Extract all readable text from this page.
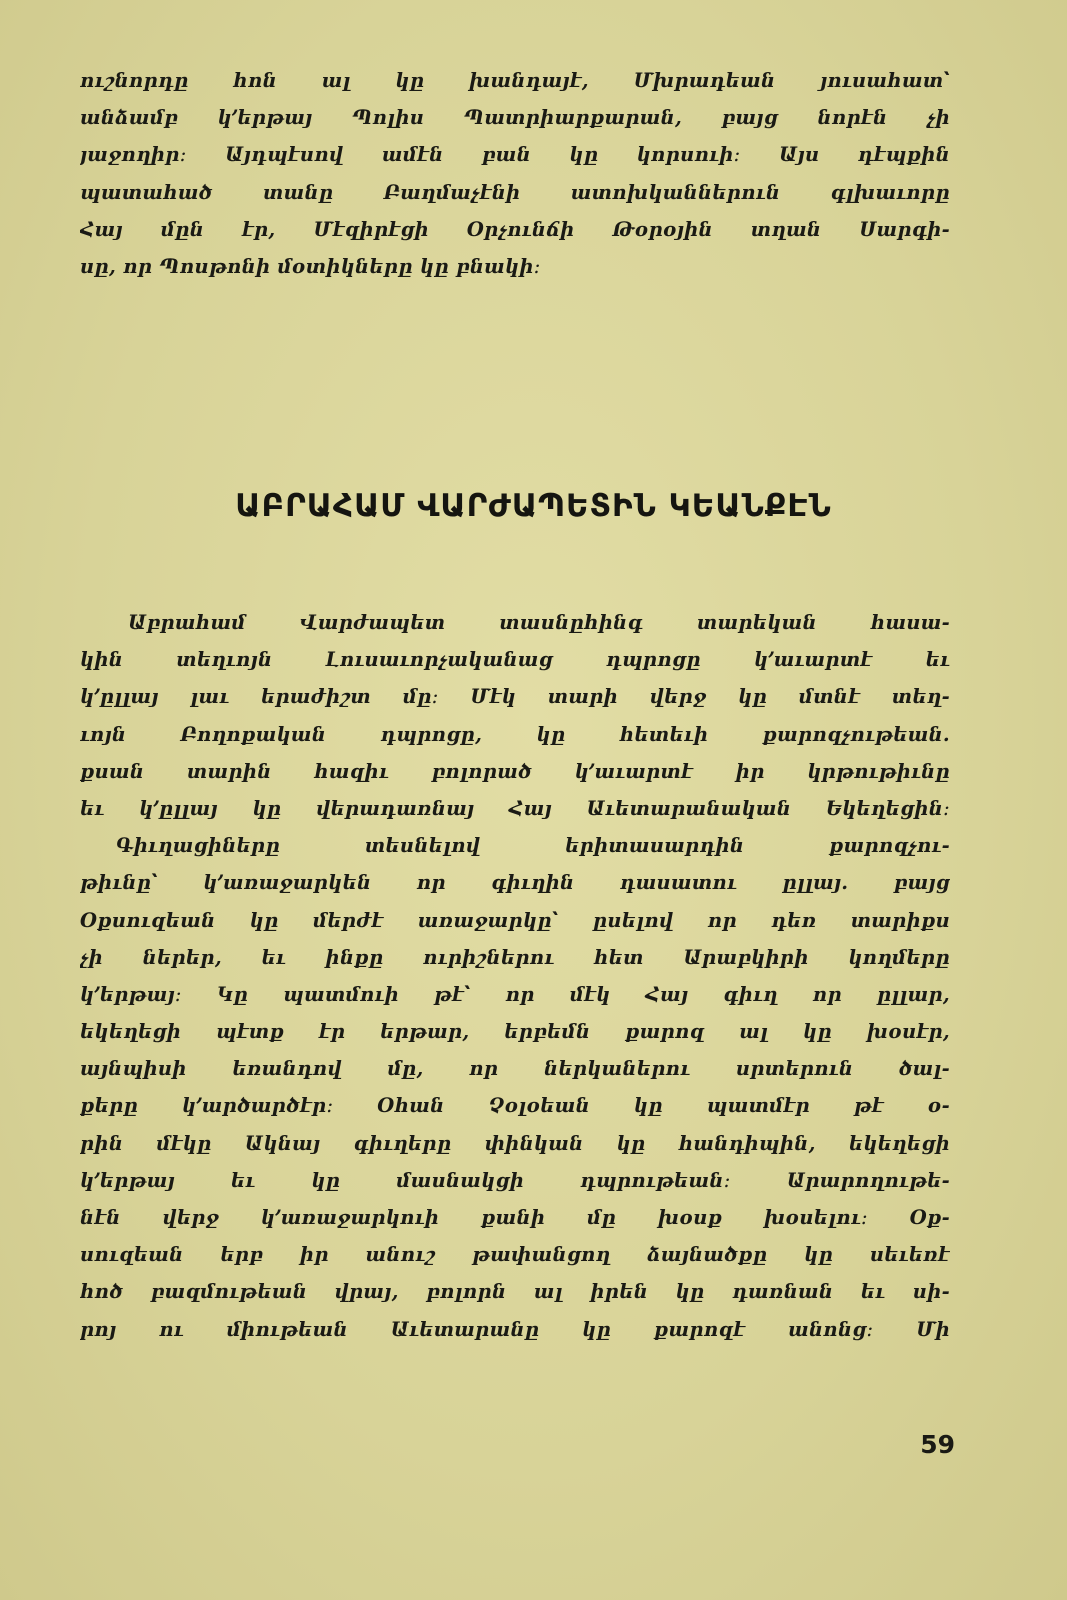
ուշնորդը հոն ալ կը խանդայէ, Մխրադեան յուսահատ՝
անձամբ կ՚երթայ Պոլիս Պատրիարքարան, բայց նորէն չի
յաջողիր։ Այդպէսով ամէն բան կը կորսուի։ Այս դէպքին
պատահած տանը Բաղմաչէնի ատոխկաններուն գլխաւորը
Հայ մըն էր, Մէզիրէցի Օրչունճի Թօրօյին տղան Սարգի-
սը, որ Պոսթոնի մօտիկները կը բնակի։
ԱԲՐԱՀԱՄ ՎԱՐԺԱՊԵՏԻՆ ԿԵԱՆՔԷՆ
Աբրահամ Վարժապետ տասնըհինգ տարեկան հասա-
կին տեղւոյն Լուսաւորչականաց դպրոցը կ՚աւարտէ եւ
կ՚ըլլայ լաւ երաժիշտ մը։ Մէկ տարի վերջ կը մտնէ տեղ-
ւոյն Բողոքական դպրոցը, կը հետեւի քարոզչութեան.
քսան տարին հազիւ բոլորած կ՚աւարտէ իր կրթութիւնը
եւ կ՚ըլլայ կը վերադառնայ Հայ Աւետարանական Եկեղեցին։
Գիւղացիները տեսնելով երիտասարդին քարոզչու-
թիւնը՝ կ՚առաջարկեն որ գիւղին դասատու ըլլայ. բայց
Օքսուզեան կը մերժէ առաջարկը՝ ըսելով որ դեռ տարիքս
չի ներեր, եւ ինքը ուրիշներու հետ Արաբկիրի կողմերը
կ՚երթայ։ Կը պատմուի թէ՝ որ մէկ Հայ գիւղ որ ըլլար,
եկեղեցի պէտք էր երթար, երբեմն քարոզ ալ կը խօսէր,
այնպիսի եռանդով մը, որ ներկաներու սրտերուն ծալ-
քերը կ՚արծարծէր։ Օհան Չօլօեան կը պատմէր թէ օ-
րին մէկը Ակնայ գիւղերը փինկան կը հանդիպին, եկեղեցի
կ՚երթայ եւ կը մասնակցի դպրութեան։ Արարողութե-
նէն վերջ կ՚առաջարկուի քանի մը խօսք խօսելու։ Օք-
սուզեան երբ իր անուշ թափանցող ձայնածքը կը սեւեռէ
հոծ բազմութեան վրայ, բոլորն ալ իրեն կը դառնան եւ սի-
րոյ ու միութեան Աւետարանը կը քարոզէ անոնց։ Մի
59
